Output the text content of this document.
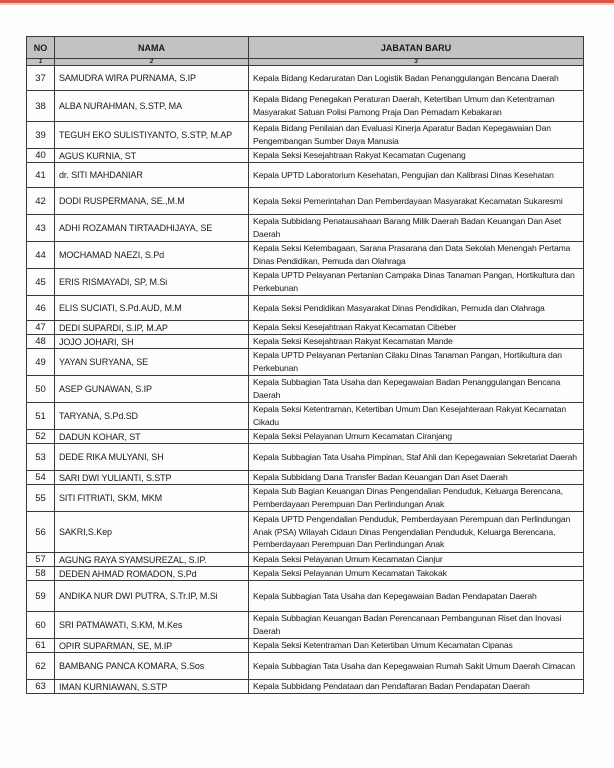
NO	NAMA	JABATAN BARU
1	2	3
37	SAMUDRA WIRA PURNAMA, S.IP	Kepala Bidang Kedaruratan Dan Logistik Badan Penanggulangan Bencana Daerah
38	ALBA NURAHMAN, S.STP, MA	Kepala Bidang Penegakan Peraturan Daerah, Ketertiban Umum dan Ketentraman Masyarakat Satuan Polisi Pamong Praja Dan Pemadam Kebakaran
39	TEGUH EKO SULISTIYANTO, S.STP, M.AP	Kepala Bidang Penilaian dan Evaluasi Kinerja Aparatur Badan Kepegawaian Dan Pengembangan Sumber Daya Manusia
40	AGUS KURNIA, ST	Kepala Seksi Kesejahtraan Rakyat Kecamatan Cugenang
41	dr. SITI MAHDANIAR	Kepala UPTD Laboratorium Kesehatan, Pengujian dan Kalibrasi Dinas Kesehatan
42	DODI RUSPERMANA, SE.,M.M	Kepala Seksi Pemerintahan Dan Pemberdayaan Masyarakat Kecamatan Sukaresmi
43	ADHI ROZAMAN TIRTAADHIJAYA, SE	Kepala Subbidang Penatausahaan Barang Milik Daerah Badan Keuangan Dan Aset Daerah
44	MOCHAMAD NAEZI, S.Pd	Kepala Seksi Kelembagaan, Sarana Prasarana dan Data Sekolah Menengah Pertama Dinas Pendidikan, Pemuda dan Olahraga
45	ERIS RISMAYADI, SP, M.Si	Kepala UPTD Pelayanan Pertanian Campaka Dinas Tanaman Pangan, Hortikultura dan Perkebunan
46	ELIS SUCIATI, S.Pd.AUD, M.M	Kepala Seksi Pendidikan Masyarakat Dinas Pendidikan, Pemuda dan Olahraga
47	DEDI SUPARDI, S.IP, M.AP	Kepala Seksi Kesejahtraan Rakyat Kecamatan Cibeber
48	JOJO JOHARI, SH	Kepala Seksi Kesejahtraan Rakyat Kecamatan Mande
49	YAYAN SURYANA, SE	Kepala UPTD Pelayanan Pertanian Cilaku Dinas Tanaman Pangan, Hortikultura dan Perkebunan
50	ASEP GUNAWAN, S.IP	Kepala Subbagian Tata Usaha dan Kepegawaian Badan Penanggulangan Bencana Daerah
51	TARYANA, S.Pd.SD	Kepala Seksi Ketentraman, Ketertiban Umum Dan Kesejahteraan Rakyat Kecamatan Cikadu
52	DADUN KOHAR, ST	Kepala Seksi Pelayanan Umum Kecamatan Ciranjang
53	DEDE RIKA MULYANI, SH	Kepala Subbagian Tata Usaha Pimpinan, Staf Ahli dan Kepegawaian Sekretariat Daerah
54	SARI DWI YULIANTI, S.STP	Kepala Subbidang Dana Transfer Badan Keuangan Dan Aset Daerah
55	SITI FITRIATI, SKM, MKM	Kepala Sub Bagian Keuangan Dinas Pengendalian Penduduk, Keluarga Berencana, Pemberdayaan Perempuan Dan Perlindungan Anak
56	SAKRI,S.Kep	Kepala UPTD Pengendalian Penduduk, Pemberdayaan Perempuan dan Perlindungan Anak (PSA) Wilayah Cidaun Dinas Pengendalian Penduduk, Keluarga Berencana, Pemberdayaan Perempuan Dan Perlindungan Anak
57	AGUNG RAYA SYAMSUREZAL, S.IP.	Kepala Seksi Pelayanan Umum Kecamatan Cianjur
58	DEDEN AHMAD ROMADON, S.Pd	Kepala Seksi Pelayanan Umum Kecamatan Takokak
59	ANDIKA NUR DWI PUTRA, S.Tr.IP, M.Si	Kepala Subbagian Tata Usaha dan Kepegawaian Badan Pendapatan Daerah
60	SRI PATMAWATI, S.KM, M.Kes	Kepala Subbagian Keuangan Badan Perencanaan Pembangunan Riset dan Inovasi Daerah
61	OPIR SUPARMAN, SE, M.IP	Kepala Seksi Ketentraman Dan Ketertiban Umum Kecamatan Cipanas
62	BAMBANG PANCA KOMARA, S.Sos	Kepala Subbagian Tata Usaha dan Kepegawaian Rumah Sakit Umum Daerah Cimacan
63	IMAN KURNIAWAN, S.STP	Kepala Subbidang Pendataan dan Pendaftaran Badan Pendapatan Daerah
